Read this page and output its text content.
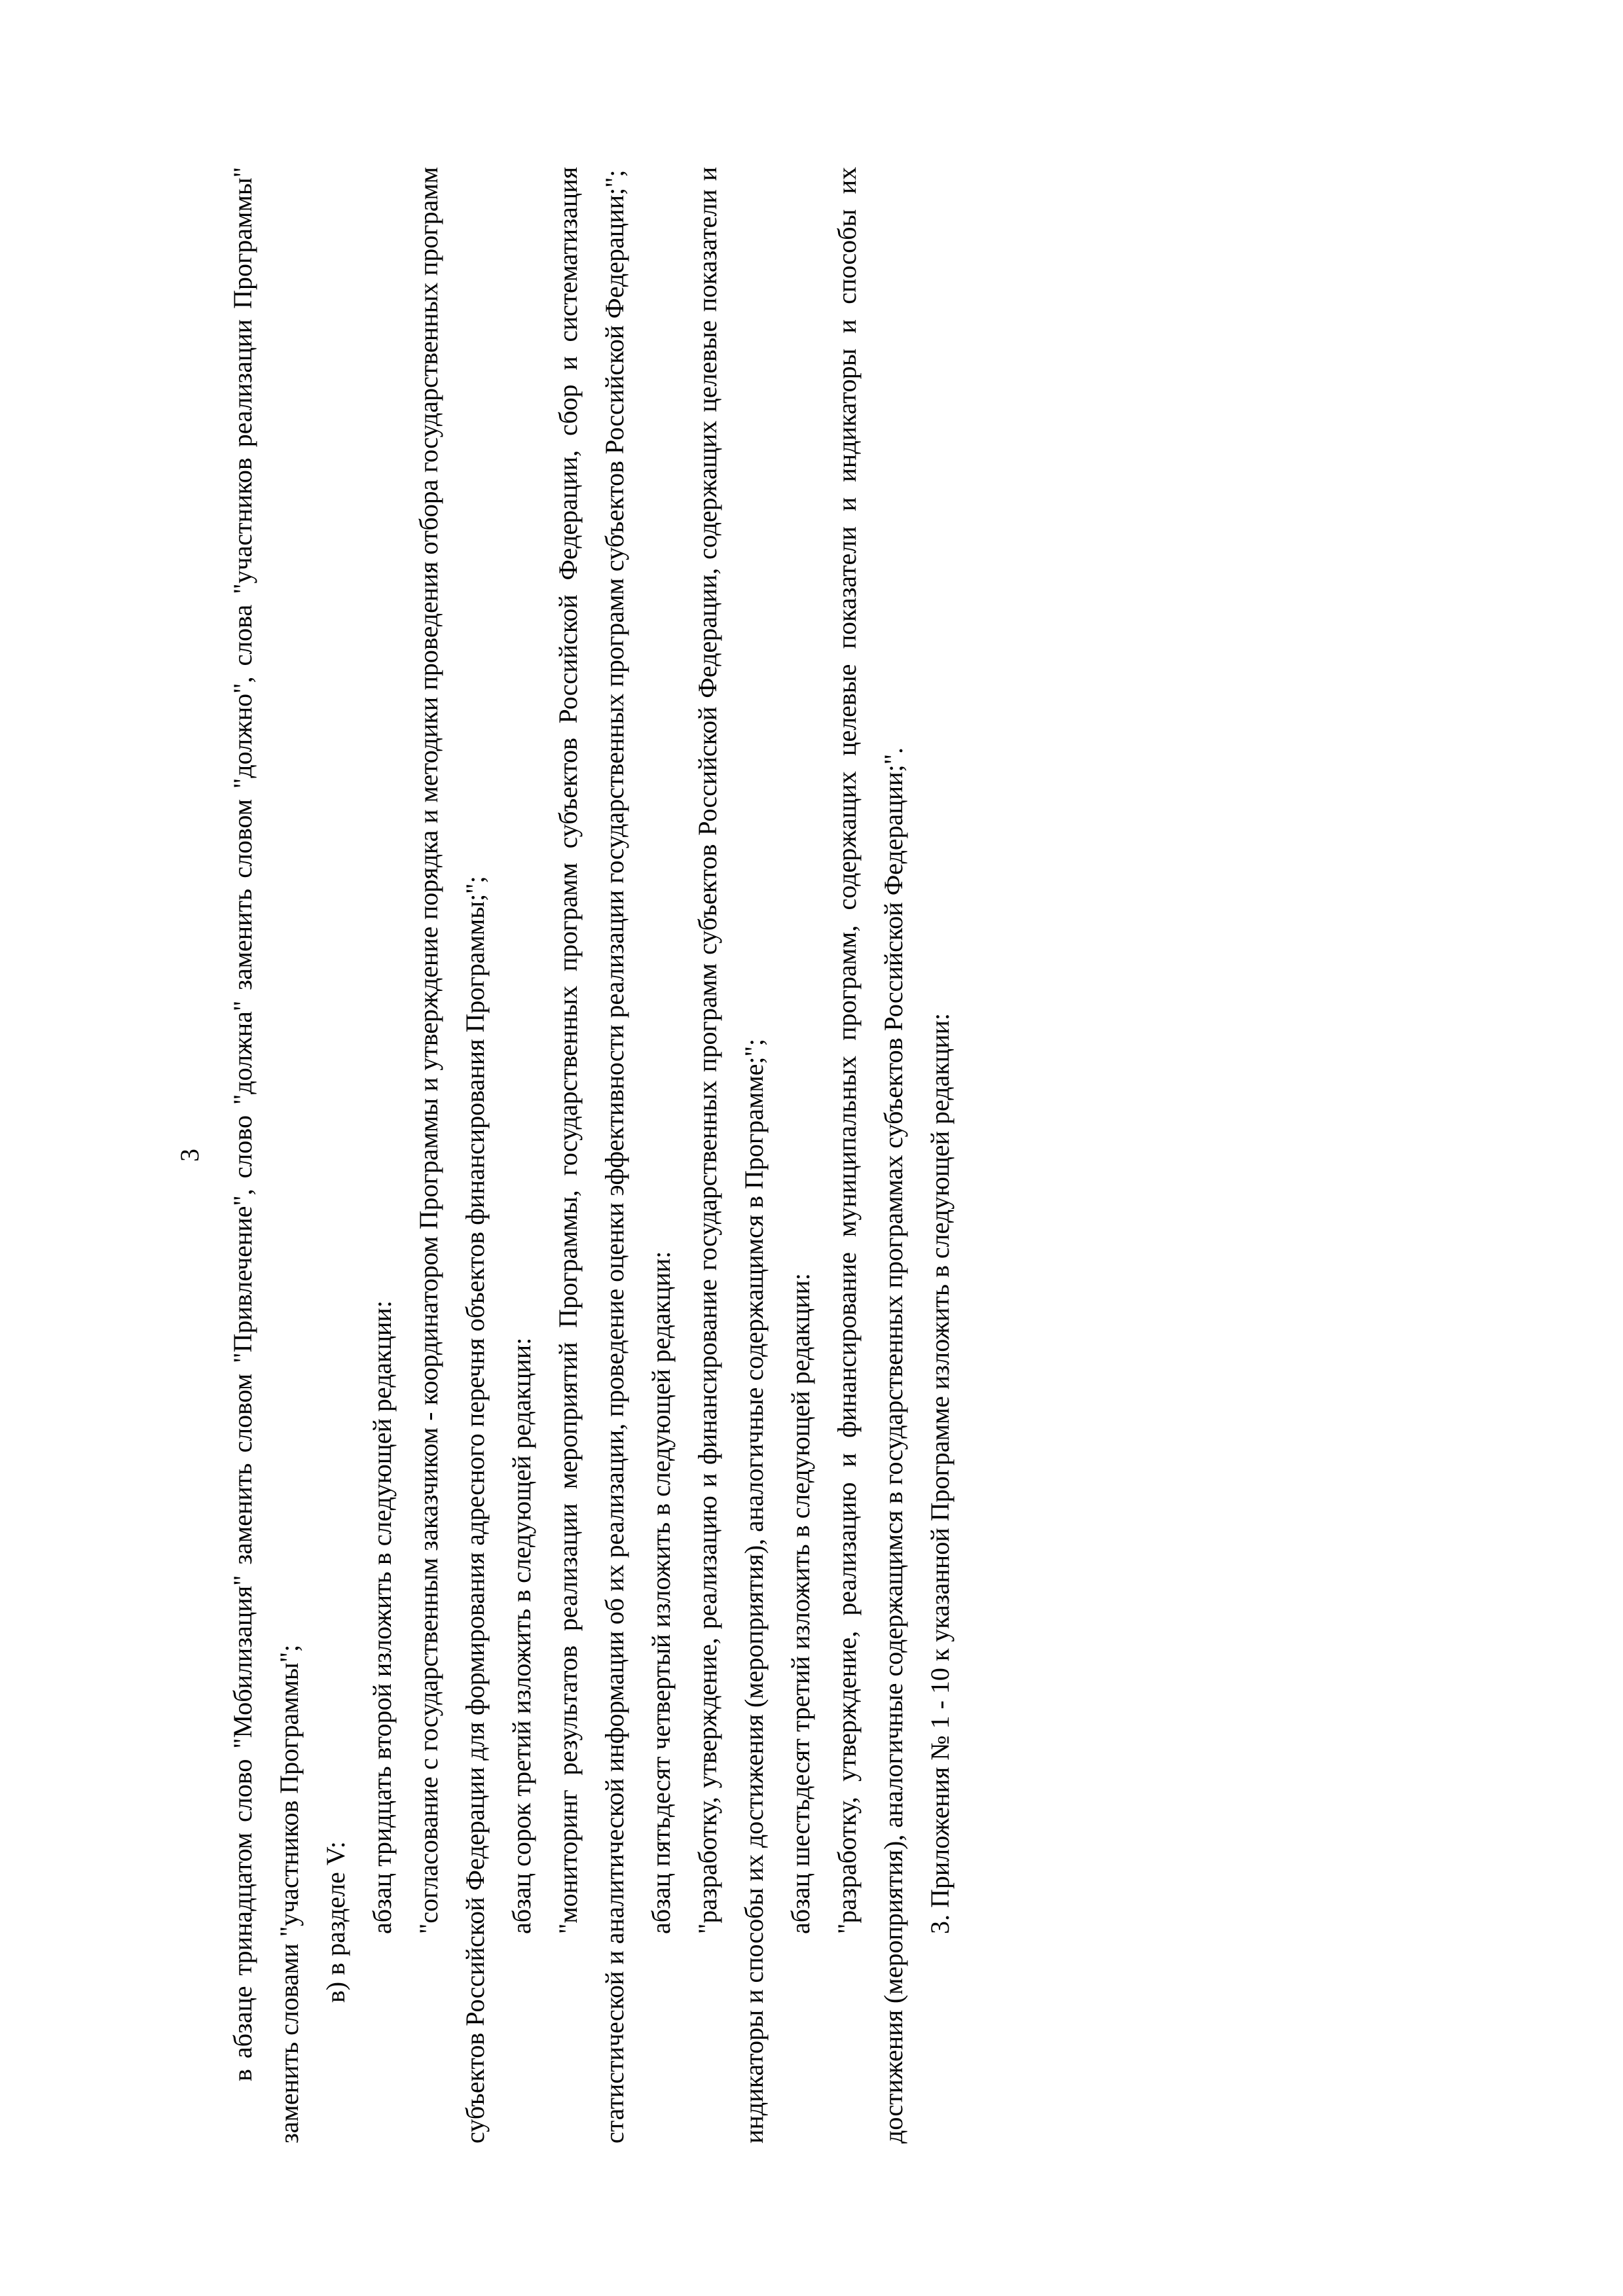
3 в абзаце тринадцатом слово "Мобилизация" заменить словом "Привлечение", слово "должна" заменить словом "должно", слова "участников реализации Программы" заменить словами "участников Программы"; в) в разделе V: абзац тридцать второй изложить в следующей редакции: "согласование с государственным заказчиком - координатором Программы и утверждение порядка и методики проведения отбора государственных программ субъектов Российской Федерации для формирования адресного перечня объектов финансирования Программы;"; абзац сорок третий изложить в следующей редакции: "мониторинг результатов реализации мероприятий Программы, государственных программ субъектов Российской Федерации, сбор и систематизация статистической и аналитической информации об их реализации, проведение оценки эффективности реализации государственных программ субъектов Российской Федерации;"; абзац пятьдесят четвертый изложить в следующей редакции: "разработку, утверждение, реализацию и финансирование государственных программ субъектов Российской Федерации, содержащих целевые показатели и индикаторы и способы их достижения (мероприятия), аналогичные содержащимся в Программе;"; абзац шестьдесят третий изложить в следующей редакции: "разработку, утверждение, реализацию и финансирование муниципальных программ, содержащих целевые показатели и индикаторы и способы их достижения (мероприятия), аналогичные содержащимся в государственных программах субъектов Российской Федерации;". 3. Приложения № 1 - 10 к указанной Программе изложить в следующей редакции:
